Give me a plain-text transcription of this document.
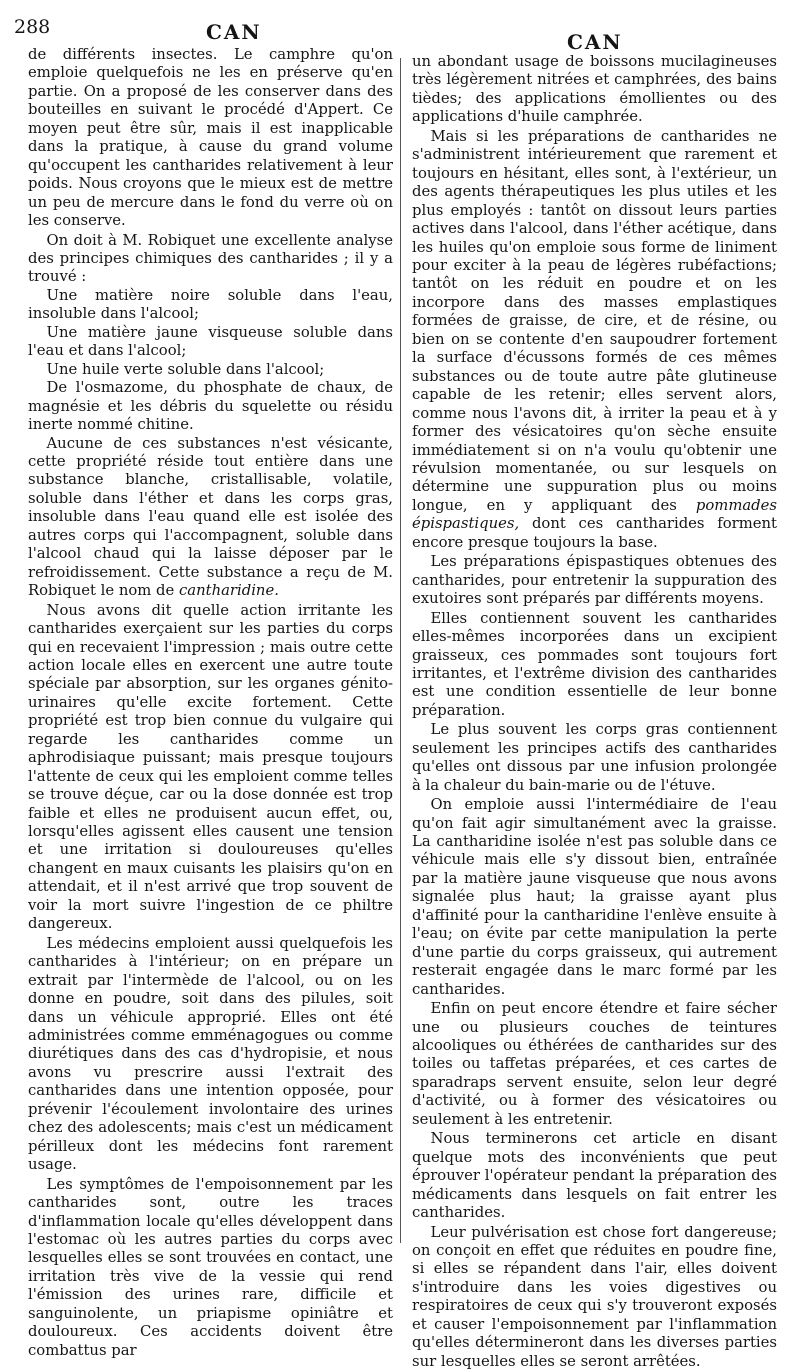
288	CAN	CAN

de différents insectes. Le camphre qu'on emploie quelquefois ne les en préserve qu'en partie. On a proposé de les conserver dans des bouteilles en suivant le procédé d'Appert. Ce moyen peut être sûr, mais il est inapplicable dans la pratique, à cause du grand volume qu'occupent les cantharides relativement à leur poids. Nous croyons que le mieux est de mettre un peu de mercure dans le fond du verre où on les conserve.

On doit à M. Robiquet une excellente analyse des principes chimiques des cantharides ; il y a trouvé :

Une matière noire soluble dans l'eau, insoluble dans l'alcool;

Une matière jaune visqueuse soluble dans l'eau et dans l'alcool;

Une huile verte soluble dans l'alcool;

De l'osmazome, du phosphate de chaux, de magnésie et les débris du squelette ou résidu inerte nommé chitine.

Aucune de ces substances n'est vésicante, cette propriété réside tout entière dans une substance blanche, cristallisable, volatile, soluble dans l'éther et dans les corps gras, insoluble dans l'eau quand elle est isolée des autres corps qui l'accompagnent, soluble dans l'alcool chaud qui la laisse déposer par le refroidissement. Cette substance a reçu de M. Robiquet le nom de cantharidine.

Nous avons dit quelle action irritante les cantharides exerçaient sur les parties du corps qui en recevaient l'impression ; mais outre cette action locale elles en exercent une autre toute spéciale par absorption, sur les organes génito-urinaires qu'elle excite fortement. Cette propriété est trop bien connue du vulgaire qui regarde les cantharides comme un aphrodisiaque puissant; mais presque toujours l'attente de ceux qui les emploient comme telles se trouve déçue, car ou la dose donnée est trop faible et elles ne produisent aucun effet, ou, lorsqu'elles agissent elles causent une tension et une irritation si douloureuses qu'elles changent en maux cuisants les plaisirs qu'on en attendait, et il n'est arrivé que trop souvent de voir la mort suivre l'ingestion de ce philtre dangereux.

Les médecins emploient aussi quelquefois les cantharides à l'intérieur; on en prépare un extrait par l'intermède de l'alcool, ou on les donne en poudre, soit dans des pilules, soit dans un véhicule approprié. Elles ont été administrées comme emménagogues ou comme diurétiques dans des cas d'hydropisie, et nous avons vu prescrire aussi l'extrait des cantharides dans une intention opposée, pour prévenir l'écoulement involontaire des urines chez des adolescents; mais c'est un médicament périlleux dont les médecins font rarement usage.

Les symptômes de l'empoisonnement par les cantharides sont, outre les traces d'inflammation locale qu'elles développent dans l'estomac où les autres parties du corps avec lesquelles elles se sont trouvées en contact, une irritation très vive de la vessie qui rend l'émission des urines rare, difficile et sanguinolente, un priapisme opiniâtre et douloureux. Ces accidents doivent être combattus par

un abondant usage de boissons mucilagineuses très légèrement nitrées et camphrées, des bains tièdes; des applications émollientes ou des applications d'huile camphrée.

Mais si les préparations de cantharides ne s'administrent intérieurement que rarement et toujours en hésitant, elles sont, à l'extérieur, un des agents thérapeutiques les plus utiles et les plus employés : tantôt on dissout leurs parties actives dans l'alcool, dans l'éther acétique, dans les huiles qu'on emploie sous forme de liniment pour exciter à la peau de légères rubéfactions; tantôt on les réduit en poudre et on les incorpore dans des masses emplastiques formées de graisse, de cire, et de résine, ou bien on se contente d'en saupoudrer fortement la surface d'écussons formés de ces mêmes substances ou de toute autre pâte glutineuse capable de les retenir; elles servent alors, comme nous l'avons dit, à irriter la peau et à y former des vésicatoires qu'on sèche ensuite immédiatement si on n'a voulu qu'obtenir une révulsion momentanée, ou sur lesquels on détermine une suppuration plus ou moins longue, en y appliquant des pommades épispastiques, dont ces cantharides forment encore presque toujours la base.

Les préparations épispastiques obtenues des cantharides, pour entretenir la suppuration des exutoires sont préparés par différents moyens.

Elles contiennent souvent les cantharides elles-mêmes incorporées dans un excipient graisseux, ces pommades sont toujours fort irritantes, et l'extrême division des cantharides est une condition essentielle de leur bonne préparation.

Le plus souvent les corps gras contiennent seulement les principes actifs des cantharides qu'elles ont dissous par une infusion prolongée à la chaleur du bain-marie ou de l'étuve.

On emploie aussi l'intermédiaire de l'eau qu'on fait agir simultanément avec la graisse. La cantharidine isolée n'est pas soluble dans ce véhicule mais elle s'y dissout bien, entraînée par la matière jaune visqueuse que nous avons signalée plus haut; la graisse ayant plus d'affinité pour la cantharidine l'enlève ensuite à l'eau; on évite par cette manipulation la perte d'une partie du corps graisseux, qui autrement resterait engagée dans le marc formé par les cantharides.

Enfin on peut encore étendre et faire sécher une ou plusieurs couches de teintures alcooliques ou éthérées de cantharides sur des toiles ou taffetas préparées, et ces cartes de sparadraps servent ensuite, selon leur degré d'activité, ou à former des vésicatoires ou seulement à les entretenir.

Nous terminerons cet article en disant quelque mots des inconvénients que peut éprouver l'opérateur pendant la préparation des médicaments dans lesquels on fait entrer les cantharides.

Leur pulvérisation est chose fort dangereuse; on conçoit en effet que réduites en poudre fine, si elles se répandent dans l'air, elles doivent s'introduire dans les voies digestives ou respiratoires de ceux qui s'y trouveront exposés et causer l'empoisonnement par l'inflammation qu'elles détermineront dans les diverses parties sur lesquelles elles se seront arrêtées.
